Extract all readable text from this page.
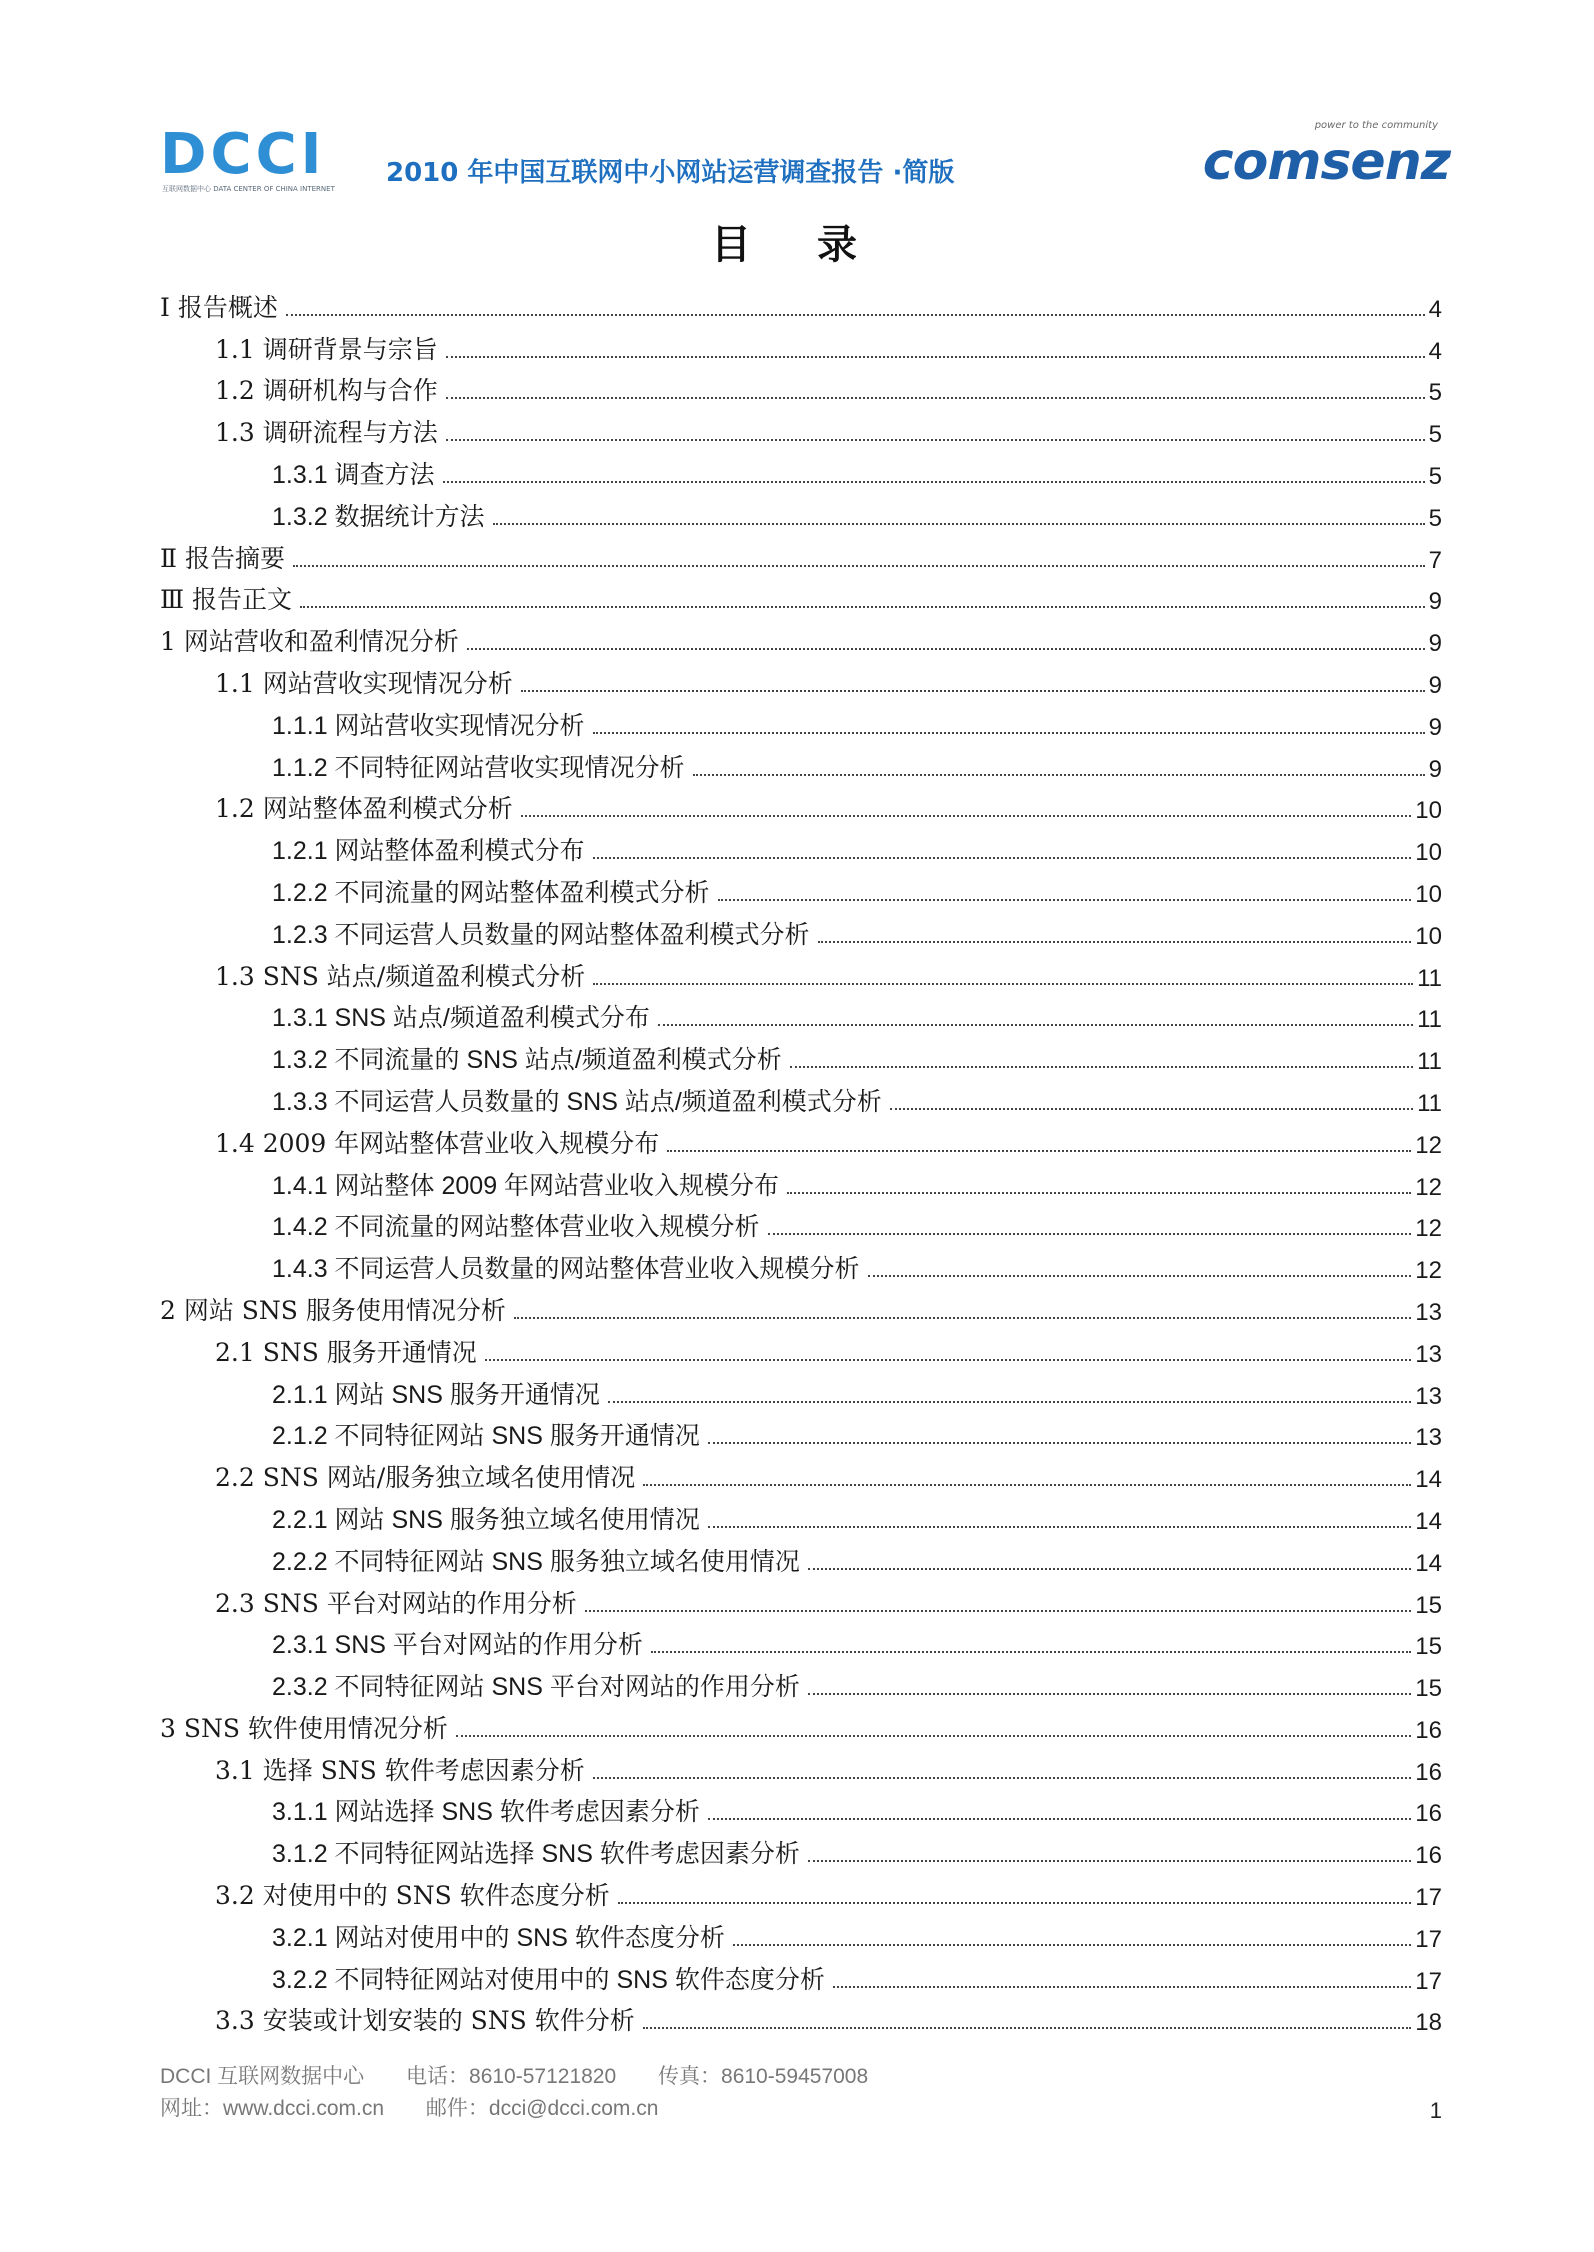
DCCI
互联网数据中心 DATA CENTER OF CHINA INTERNET
2010 年中国互联网中小网站运营调查报告 ·简版
power to the community
comsenz
目 录
Ⅰ 报告概述	4
1.1 调研背景与宗旨	4
1.2 调研机构与合作	5
1.3 调研流程与方法	5
1.3.1 调查方法	5
1.3.2 数据统计方法	5
Ⅱ 报告摘要	7
Ⅲ 报告正文	9
1 网站营收和盈利情况分析	9
1.1 网站营收实现情况分析	9
1.1.1 网站营收实现情况分析	9
1.1.2 不同特征网站营收实现情况分析	9
1.2 网站整体盈利模式分析	10
1.2.1 网站整体盈利模式分布	10
1.2.2 不同流量的网站整体盈利模式分析	10
1.2.3 不同运营人员数量的网站整体盈利模式分析	10
1.3 SNS 站点/频道盈利模式分析	11
1.3.1 SNS 站点/频道盈利模式分布	11
1.3.2 不同流量的 SNS 站点/频道盈利模式分析	11
1.3.3 不同运营人员数量的 SNS 站点/频道盈利模式分析	11
1.4 2009 年网站整体营业收入规模分布	12
1.4.1 网站整体 2009 年网站营业收入规模分布	12
1.4.2 不同流量的网站整体营业收入规模分析	12
1.4.3 不同运营人员数量的网站整体营业收入规模分析	12
2 网站 SNS 服务使用情况分析	13
2.1 SNS 服务开通情况	13
2.1.1 网站 SNS 服务开通情况	13
2.1.2 不同特征网站 SNS 服务开通情况	13
2.2 SNS 网站/服务独立域名使用情况	14
2.2.1 网站 SNS 服务独立域名使用情况	14
2.2.2 不同特征网站 SNS 服务独立域名使用情况	14
2.3 SNS 平台对网站的作用分析	15
2.3.1 SNS 平台对网站的作用分析	15
2.3.2 不同特征网站 SNS 平台对网站的作用分析	15
3 SNS 软件使用情况分析	16
3.1 选择 SNS 软件考虑因素分析	16
3.1.1 网站选择 SNS 软件考虑因素分析	16
3.1.2 不同特征网站选择 SNS 软件考虑因素分析	16
3.2 对使用中的 SNS 软件态度分析	17
3.2.1 网站对使用中的 SNS 软件态度分析	17
3.2.2 不同特征网站对使用中的 SNS 软件态度分析	17
3.3 安装或计划安装的 SNS 软件分析	18
DCCI 互联网数据中心 电话：8610-57121820 传真：8610-59457008
网址：www.dcci.com.cn 邮件：dcci@dcci.com.cn	1
